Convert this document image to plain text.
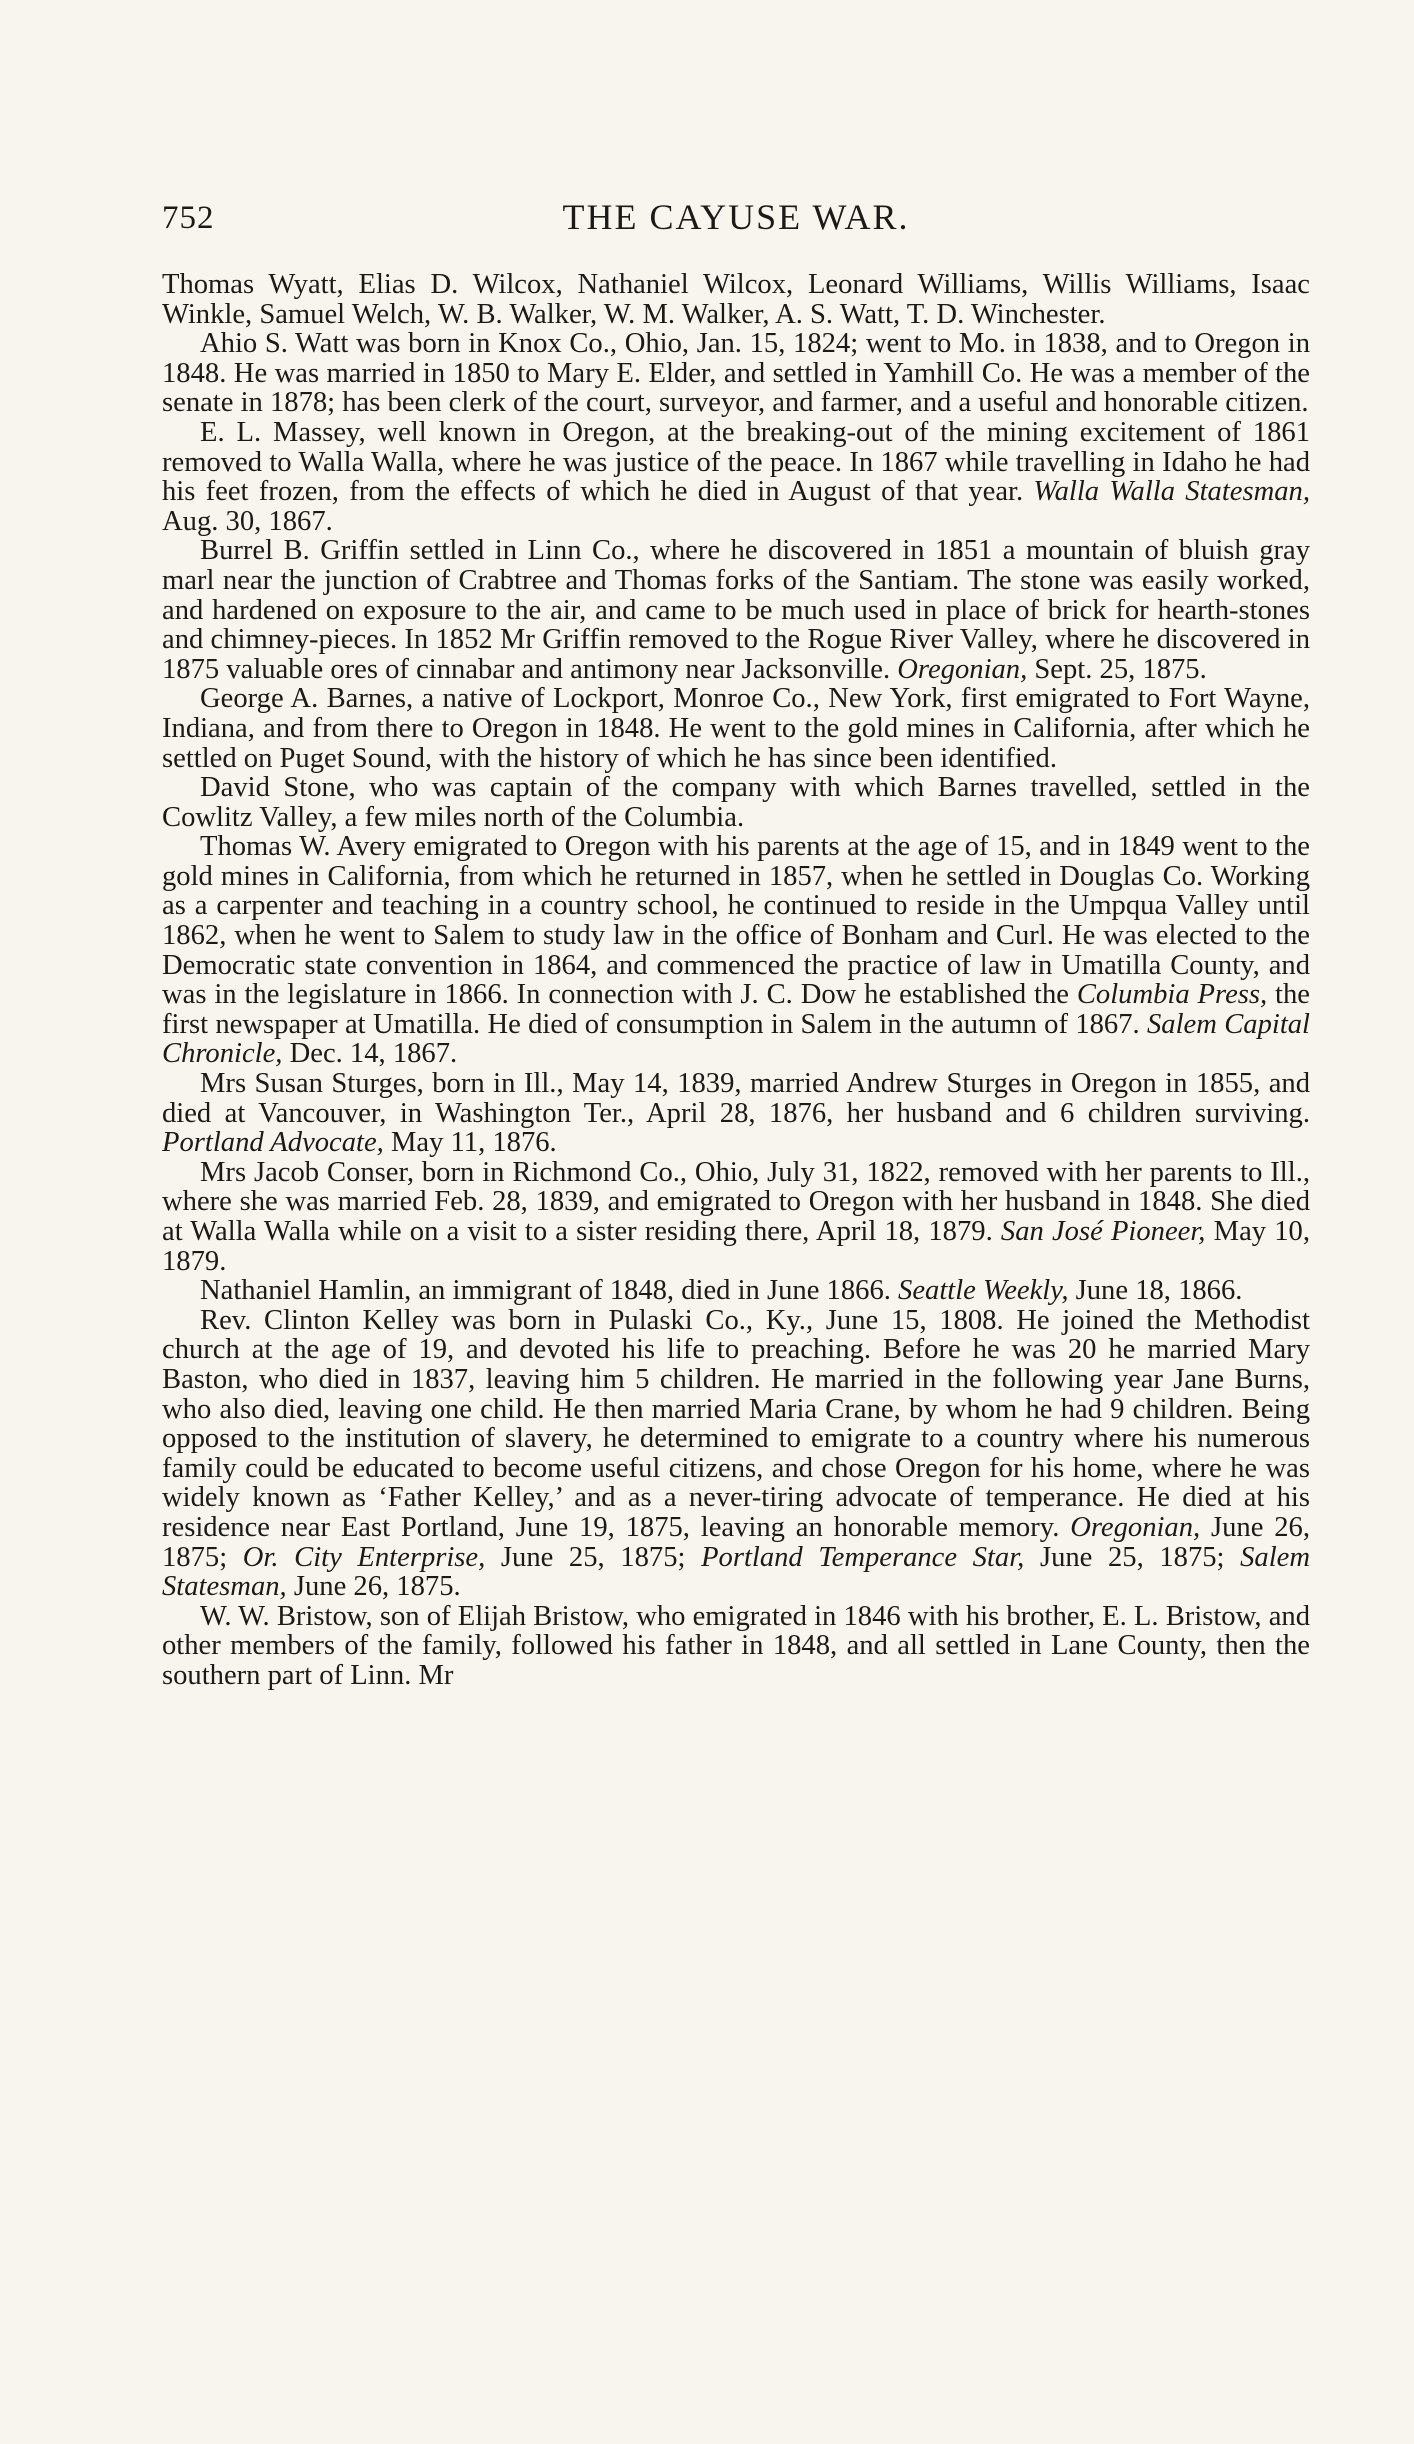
752	THE CAYUSE WAR.

Thomas Wyatt, Elias D. Wilcox, Nathaniel Wilcox, Leonard Williams, Willis Williams, Isaac Winkle, Samuel Welch, W. B. Walker, W. M. Walker, A. S. Watt, T. D. Winchester.

Ahio S. Watt was born in Knox Co., Ohio, Jan. 15, 1824; went to Mo. in 1838, and to Oregon in 1848. He was married in 1850 to Mary E. Elder, and settled in Yamhill Co. He was a member of the senate in 1878; has been clerk of the court, surveyor, and farmer, and a useful and honorable citizen.

E. L. Massey, well known in Oregon, at the breaking-out of the mining excitement of 1861 removed to Walla Walla, where he was justice of the peace. In 1867 while travelling in Idaho he had his feet frozen, from the effects of which he died in August of that year. Walla Walla Statesman, Aug. 30, 1867.

Burrel B. Griffin settled in Linn Co., where he discovered in 1851 a mountain of bluish gray marl near the junction of Crabtree and Thomas forks of the Santiam. The stone was easily worked, and hardened on exposure to the air, and came to be much used in place of brick for hearth-stones and chimney-pieces. In 1852 Mr Griffin removed to the Rogue River Valley, where he discovered in 1875 valuable ores of cinnabar and antimony near Jacksonville. Oregonian, Sept. 25, 1875.

George A. Barnes, a native of Lockport, Monroe Co., New York, first emigrated to Fort Wayne, Indiana, and from there to Oregon in 1848. He went to the gold mines in California, after which he settled on Puget Sound, with the history of which he has since been identified.

David Stone, who was captain of the company with which Barnes travelled, settled in the Cowlitz Valley, a few miles north of the Columbia.

Thomas W. Avery emigrated to Oregon with his parents at the age of 15, and in 1849 went to the gold mines in California, from which he returned in 1857, when he settled in Douglas Co. Working as a carpenter and teaching in a country school, he continued to reside in the Umpqua Valley until 1862, when he went to Salem to study law in the office of Bonham and Curl. He was elected to the Democratic state convention in 1864, and commenced the practice of law in Umatilla County, and was in the legislature in 1866. In connection with J. C. Dow he established the Columbia Press, the first newspaper at Umatilla. He died of consumption in Salem in the autumn of 1867. Salem Capital Chronicle, Dec. 14, 1867.

Mrs Susan Sturges, born in Ill., May 14, 1839, married Andrew Sturges in Oregon in 1855, and died at Vancouver, in Washington Ter., April 28, 1876, her husband and 6 children surviving. Portland Advocate, May 11, 1876.

Mrs Jacob Conser, born in Richmond Co., Ohio, July 31, 1822, removed with her parents to Ill., where she was married Feb. 28, 1839, and emigrated to Oregon with her husband in 1848. She died at Walla Walla while on a visit to a sister residing there, April 18, 1879. San José Pioneer, May 10, 1879.

Nathaniel Hamlin, an immigrant of 1848, died in June 1866. Seattle Weekly, June 18, 1866.

Rev. Clinton Kelley was born in Pulaski Co., Ky., June 15, 1808. He joined the Methodist church at the age of 19, and devoted his life to preaching. Before he was 20 he married Mary Baston, who died in 1837, leaving him 5 children. He married in the following year Jane Burns, who also died, leaving one child. He then married Maria Crane, by whom he had 9 children. Being opposed to the institution of slavery, he determined to emigrate to a country where his numerous family could be educated to become useful citizens, and chose Oregon for his home, where he was widely known as ‘Father Kelley,’ and as a never-tiring advocate of temperance. He died at his residence near East Portland, June 19, 1875, leaving an honorable memory. Oregonian, June 26, 1875; Or. City Enterprise, June 25, 1875; Portland Temperance Star, June 25, 1875; Salem Statesman, June 26, 1875.

W. W. Bristow, son of Elijah Bristow, who emigrated in 1846 with his brother, E. L. Bristow, and other members of the family, followed his father in 1848, and all settled in Lane County, then the southern part of Linn. Mr
